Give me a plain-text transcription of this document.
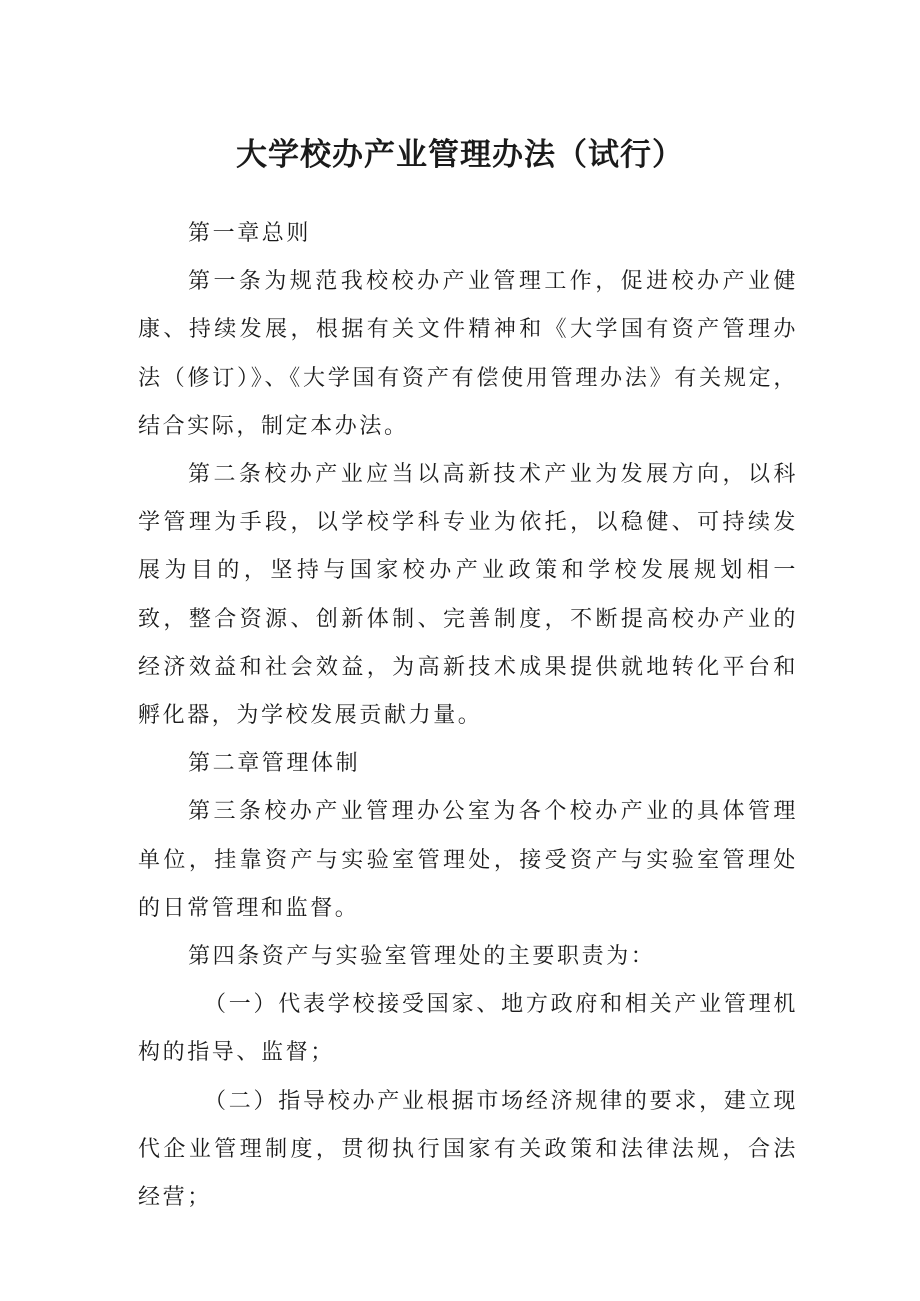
大学校办产业管理办法（试行）

第一章总则

第一条为规范我校校办产业管理工作，促进校办产业健康、持续发展，根据有关文件精神和《大学国有资产管理办法（修订）》、《大学国有资产有偿使用管理办法》有关规定，结合实际，制定本办法。

第二条校办产业应当以高新技术产业为发展方向，以科学管理为手段，以学校学科专业为依托，以稳健、可持续发展为目的，坚持与国家校办产业政策和学校发展规划相一致，整合资源、创新体制、完善制度，不断提高校办产业的经济效益和社会效益，为高新技术成果提供就地转化平台和孵化器，为学校发展贡献力量。

第二章管理体制

第三条校办产业管理办公室为各个校办产业的具体管理单位，挂靠资产与实验室管理处，接受资产与实验室管理处的日常管理和监督。

第四条资产与实验室管理处的主要职责为：

（一）代表学校接受国家、地方政府和相关产业管理机构的指导、监督；

（二）指导校办产业根据市场经济规律的要求，建立现代企业管理制度，贯彻执行国家有关政策和法律法规，合法经营；
